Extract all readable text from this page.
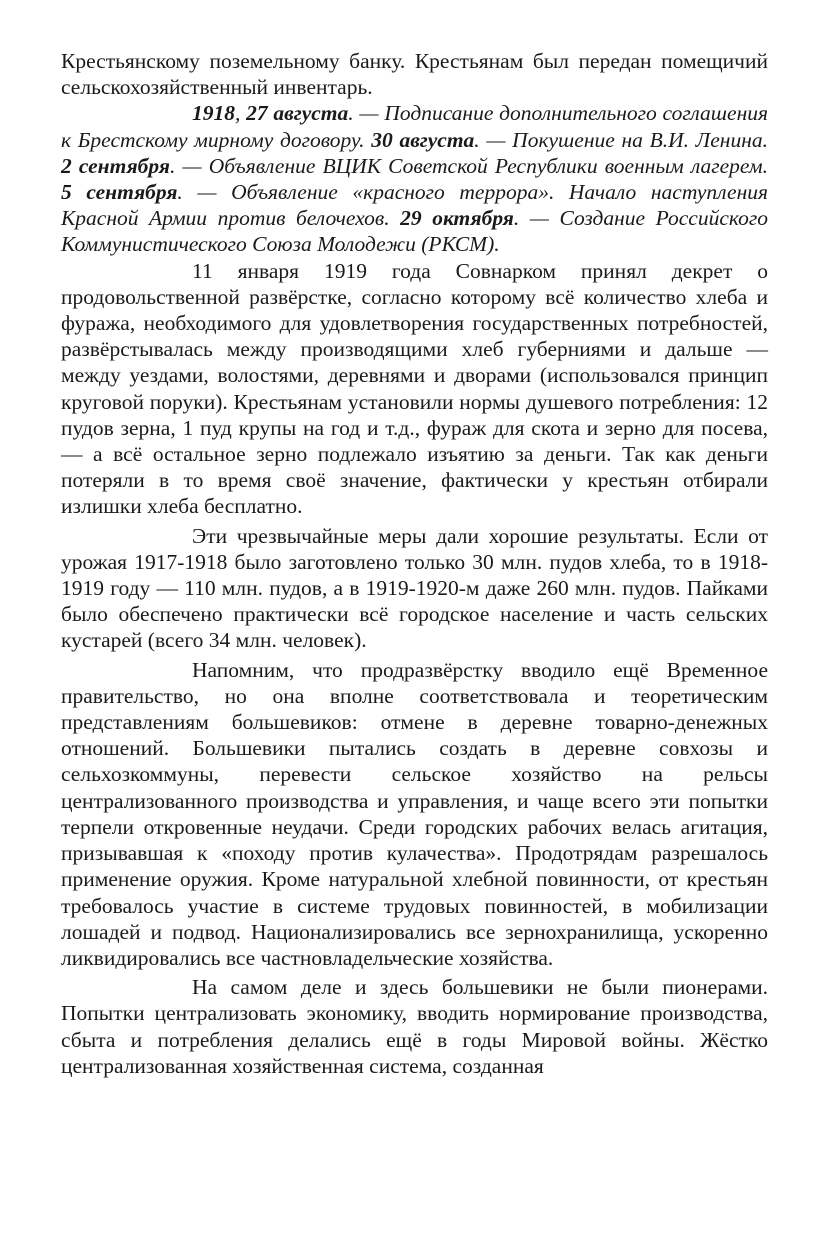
Крестьянскому поземельному банку. Крестьянам был передан помещичий сельскохозяйственный инвентарь.

1918, 27 августа. — Подписание дополнительного соглашения к Брестскому мирному договору. 30 августа. — Покушение на В.И. Ленина. 2 сентября. — Объявление ВЦИК Советской Республики военным лагерем. 5 сентября. — Объявление «красного террора». Начало наступления Красной Армии против белочехов. 29 октября. — Создание Российского Коммунистического Союза Молодежи (РКСМ).

11 января 1919 года Совнарком принял декрет о продовольственной развёрстке, согласно которому всё количество хлеба и фуража, необходимого для удовлетворения государственных потребностей, развёрстывалась между производящими хлеб губерниями и дальше — между уездами, волостями, деревнями и дворами (использовался принцип круговой поруки). Крестьянам установили нормы душевого потребления: 12 пудов зерна, 1 пуд крупы на год и т.д., фураж для скота и зерно для посева, — а всё остальное зерно подлежало изъятию за деньги. Так как деньги потеряли в то время своё значение, фактически у крестьян отбирали излишки хлеба бесплатно.

Эти чрезвычайные меры дали хорошие результаты. Если от урожая 1917-1918 было заготовлено только 30 млн. пудов хлеба, то в 1918-1919 году — 110 млн. пудов, а в 1919-1920-м даже 260 млн. пудов. Пайками было обеспечено практически всё городское население и часть сельских кустарей (всего 34 млн. человек).

Напомним, что продразвёрстку вводило ещё Временное правительство, но она вполне соответствовала и теоретическим представлениям большевиков: отмене в деревне товарно-денежных отношений. Большевики пытались создать в деревне совхозы и сельхозкоммуны, перевести сельское хозяйство на рельсы централизованного производства и управления, и чаще всего эти попытки терпели откровенные неудачи. Среди городских рабочих велась агитация, призывавшая к «походу против кулачества». Продотрядам разрешалось применение оружия. Кроме натуральной хлебной повинности, от крестьян требовалось участие в системе трудовых повинностей, в мобилизации лошадей и подвод. Национализировались все зернохранилища, ускоренно ликвидировались все частновладельческие хозяйства.

На самом деле и здесь большевики не были пионерами. Попытки централизовать экономику, вводить нормирование производства, сбыта и потребления делались ещё в годы Мировой войны. Жёстко централизованная хозяйственная система, созданная
